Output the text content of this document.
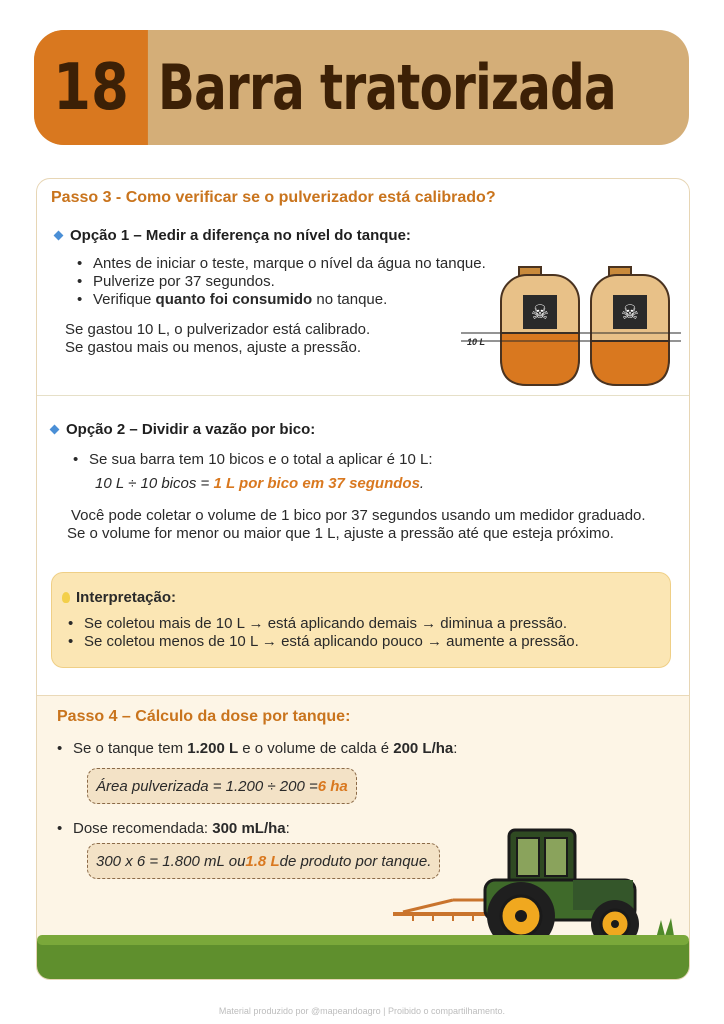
18 Barra tratorizada
Passo 3 - Como verificar se o pulverizador está calibrado?
Opção 1 – Medir a diferença no nível do tanque:
• Antes de iniciar o teste, marque o nível da água no tanque.
• Pulverize por 37 segundos.
• Verifique quanto foi consumido no tanque.
Se gastou 10 L, o pulverizador está calibrado.
Se gastou mais ou menos, ajuste a pressão.
☠	☠
10 L
Opção 2 – Dividir a vazão por bico:
• Se sua barra tem 10 bicos e o total a aplicar é 10 L:
10 L ÷ 10 bicos = 1 L por bico em 37 segundos.
Você pode coletar o volume de 1 bico por 37 segundos usando um medidor graduado.
Se o volume for menor ou maior que 1 L, ajuste a pressão até que esteja próximo.
Interpretação:
• Se coletou mais de 10 L → está aplicando demais → diminua a pressão.
• Se coletou menos de 10 L → está aplicando pouco → aumente a pressão.
Passo 4 – Cálculo da dose por tanque:
• Se o tanque tem 1.200 L e o volume de calda é 200 L/ha:
Área pulverizada = 1.200 ÷ 200 = 6 ha
• Dose recomendada: 300 mL/ha:
300 x 6 = 1.800 mL ou 1.8 L de produto por tanque.
Material produzido por @mapeandoagro | Proibido o compartilhamento.
